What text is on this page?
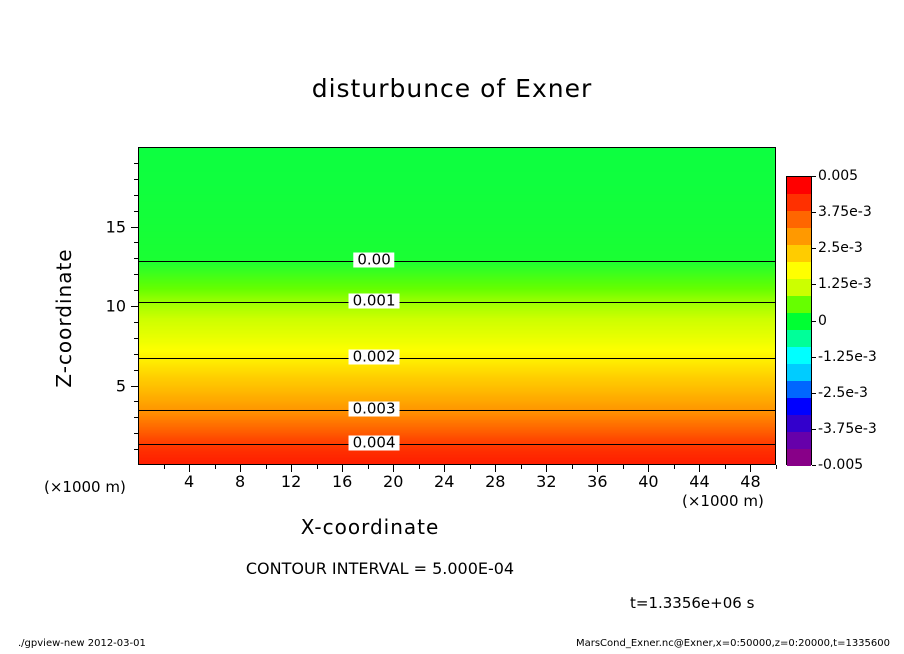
disturbunce of Exner
0.004
0.003
0.002
0.001
0.00
4	8 12 16 20 24 28 32 36 40 44 48
5
10
15
Z-coordinate
X-coordinate
(×1000 m)
(×1000 m)
CONTOUR INTERVAL = 5.000E-04
t=1.3356e+06 s
./gpview-new 2012-03-01	MarsCond_Exner.nc@Exner,x=0:50000,z=0:20000,t=1335600
0.005
3.75e-3
2.5e-3
1.25e-3
0
-1.25e-3
-2.5e-3
-3.75e-3
-0.005
